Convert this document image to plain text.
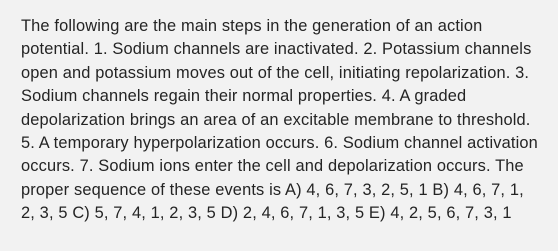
The following are the main steps in the generation of an action potential. 1. Sodium channels are inactivated. 2. Potassium channels open and potassium moves out of the cell, initiating repolarization. 3. Sodium channels regain their normal properties. 4. A graded depolarization brings an area of an excitable membrane to threshold. 5. A temporary hyperpolarization occurs. 6. Sodium channel activation occurs. 7. Sodium ions enter the cell and depolarization occurs. The proper sequence of these events is A) 4, 6, 7, 3, 2, 5, 1 B) 4, 6, 7, 1, 2, 3, 5 C) 5, 7, 4, 1, 2, 3, 5 D) 2, 4, 6, 7, 1, 3, 5 E) 4, 2, 5, 6, 7, 3, 1
